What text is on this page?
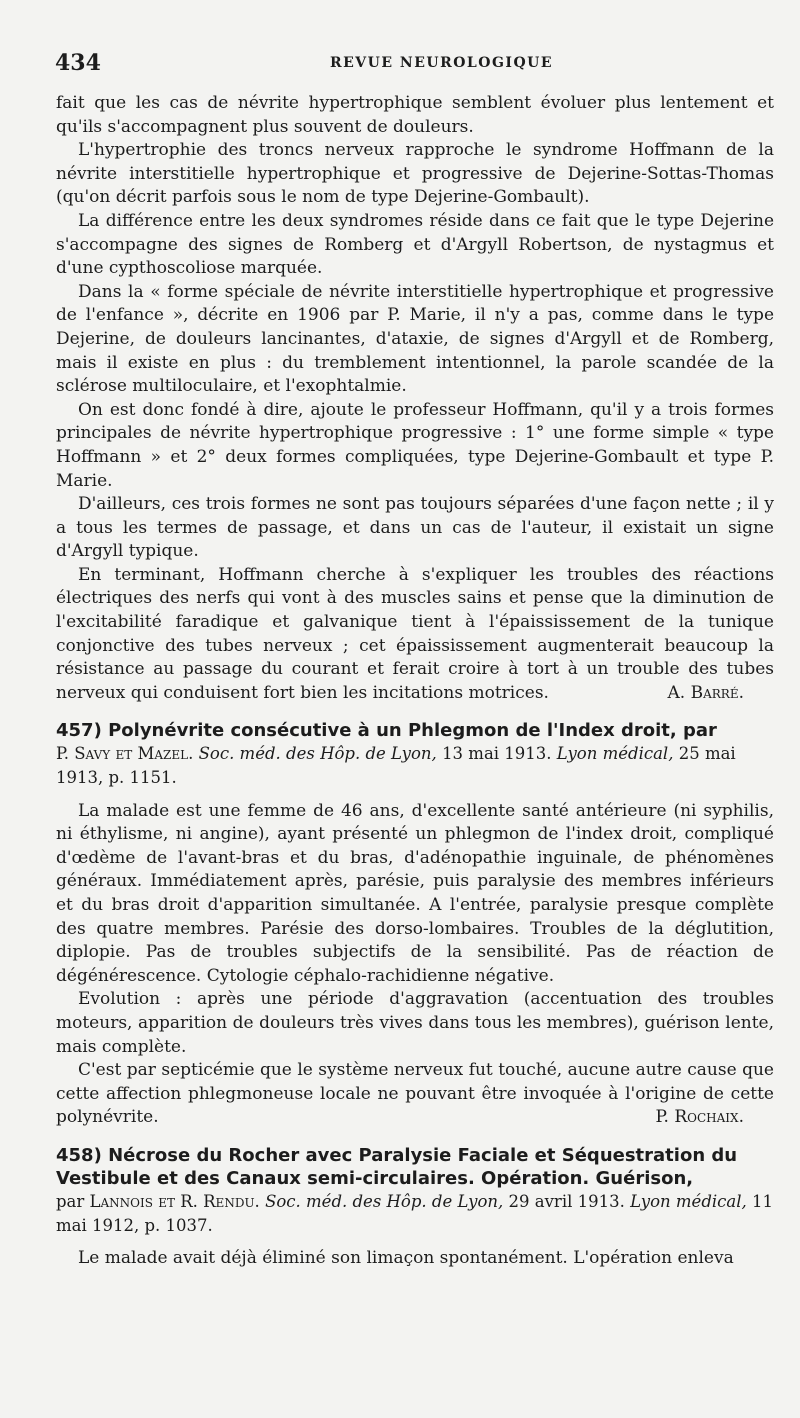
434	REVUE NEUROLOGIQUE

fait que les cas de névrite hypertrophique semblent évoluer plus lentement et qu'ils s'accompagnent plus souvent de douleurs.

L'hypertrophie des troncs nerveux rapproche le syndrome Hoffmann de la névrite interstitielle hypertrophique et progressive de Dejerine-Sottas-Thomas (qu'on décrit parfois sous le nom de type Dejerine-Gombault).

La différence entre les deux syndromes réside dans ce fait que le type Dejerine s'accompagne des signes de Romberg et d'Argyll Robertson, de nystagmus et d'une cypthoscoliose marquée.

Dans la « forme spéciale de névrite interstitielle hypertrophique et progressive de l'enfance », décrite en 1906 par P. Marie, il n'y a pas, comme dans le type Dejerine, de douleurs lancinantes, d'ataxie, de signes d'Argyll et de Romberg, mais il existe en plus : du tremblement intentionnel, la parole scandée de la sclérose multiloculaire, et l'exophtalmie.

On est donc fondé à dire, ajoute le professeur Hoffmann, qu'il y a trois formes principales de névrite hypertrophique progressive : 1° une forme simple « type Hoffmann » et 2° deux formes compliquées, type Dejerine-Gombault et type P. Marie.

D'ailleurs, ces trois formes ne sont pas toujours séparées d'une façon nette ; il y a tous les termes de passage, et dans un cas de l'auteur, il existait un signe d'Argyll typique.

En terminant, Hoffmann cherche à s'expliquer les troubles des réactions électriques des nerfs qui vont à des muscles sains et pense que la diminution de l'excitabilité faradique et galvanique tient à l'épaississement de la tunique conjonctive des tubes nerveux ; cet épaississement augmenterait beaucoup la résistance au passage du courant et ferait croire à tort à un trouble des tubes nerveux qui conduisent fort bien les incitations motrices.	A. Barré.
457) Polynévrite consécutive à un Phlegmon de l'Index droit, par
P. Savy et Mazel. Soc. méd. des Hôp. de Lyon, 13 mai 1913. Lyon médical, 25 mai 1913, p. 1151.

La malade est une femme de 46 ans, d'excellente santé antérieure (ni syphilis, ni éthylisme, ni angine), ayant présenté un phlegmon de l'index droit, compliqué d'œdème de l'avant-bras et du bras, d'adénopathie inguinale, de phénomènes généraux. Immédiatement après, parésie, puis paralysie des membres inférieurs et du bras droit d'apparition simultanée. A l'entrée, paralysie presque complète des quatre membres. Parésie des dorso-lombaires. Troubles de la déglutition, diplopie. Pas de troubles subjectifs de la sensibilité. Pas de réaction de dégénérescence. Cytologie céphalo-rachidienne négative.

Evolution : après une période d'aggravation (accentuation des troubles moteurs, apparition de douleurs très vives dans tous les membres), guérison lente, mais complète.

C'est par septicémie que le système nerveux fut touché, aucune autre cause que cette affection phlegmoneuse locale ne pouvant être invoquée à l'origine de cette polynévrite.	P. Rochaix.
458) Nécrose du Rocher avec Paralysie Faciale et Séquestration du Vestibule et des Canaux semi-circulaires. Opération. Guérison,
par Lannois et R. Rendu. Soc. méd. des Hôp. de Lyon, 29 avril 1913. Lyon médical, 11 mai 1912, p. 1037.

Le malade avait déjà éliminé son limaçon spontanément. L'opération enleva
